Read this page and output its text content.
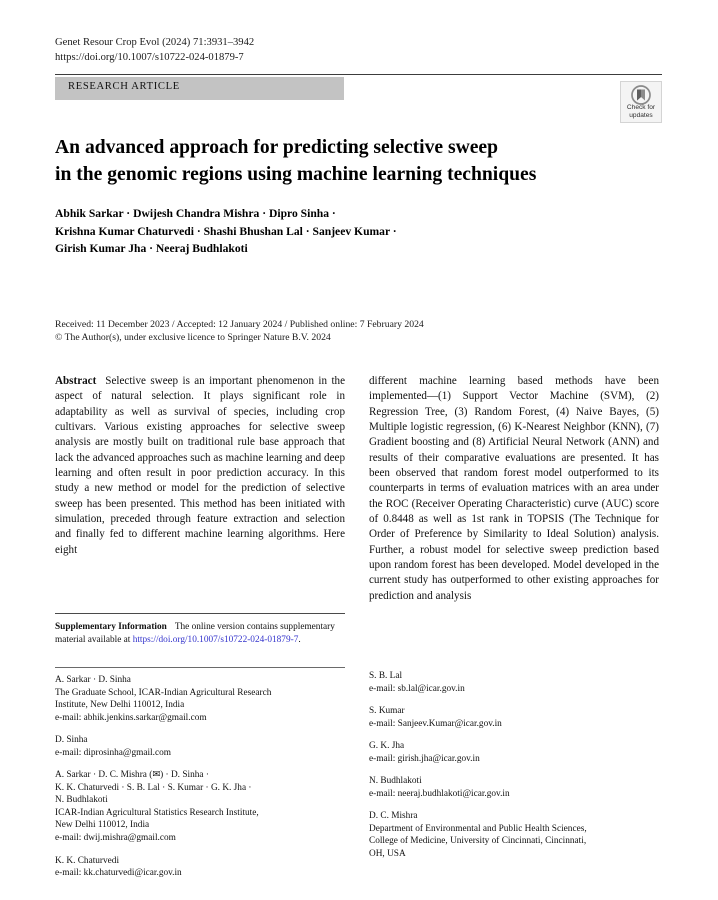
Genet Resour Crop Evol (2024) 71:3931–3942
https://doi.org/10.1007/s10722-024-01879-7
RESEARCH ARTICLE
Check for
updates
An advanced approach for predicting selective sweep
in the genomic regions using machine learning techniques
Abhik Sarkar · Dwijesh Chandra Mishra · Dipro Sinha ·
Krishna Kumar Chaturvedi · Shashi Bhushan Lal · Sanjeev Kumar ·
Girish Kumar Jha · Neeraj Budhlakoti
Received: 11 December 2023 / Accepted: 12 January 2024 / Published online: 7 February 2024
© The Author(s), under exclusive licence to Springer Nature B.V. 2024

Abstract Selective sweep is an important phenomenon in the aspect of natural selection. It plays significant role in adaptability as well as survival of species, including crop cultivars. Various existing approaches for selective sweep analysis are mostly built on traditional rule base approach that lack the advanced approaches such as machine learning and deep learning and often result in poor prediction accuracy. In this study a new method or model for the prediction of selective sweep has been presented. This method has been initiated with simulation, preceded through feature extraction and selection and finally fed to different machine learning algorithms. Here eight

different machine learning based methods have been implemented—(1) Support Vector Machine (SVM), (2) Regression Tree, (3) Random Forest, (4) Naive Bayes, (5) Multiple logistic regression, (6) K-Nearest Neighbor (KNN), (7) Gradient boosting and (8) Artificial Neural Network (ANN) and results of their comparative evaluations are presented. It has been observed that random forest model outperformed to its counterparts in terms of evaluation matrices with an area under the ROC (Receiver Operating Characteristic) curve (AUC) score of 0.8448 as well as 1st rank in TOPSIS (The Technique for Order of Preference by Similarity to Ideal Solution) analysis. Further, a robust model for selective sweep prediction based upon random forest has been developed. Model developed in the current study has outperformed to other existing approaches for prediction and analysis

Supplementary Information The online version contains supplementary material available at https://doi.org/10.1007/s10722-024-01879-7.
A. Sarkar · D. Sinha
The Graduate School, ICAR-Indian Agricultural Research
Institute, New Delhi 110012, India
e-mail: abhik.jenkins.sarkar@gmail.com
D. Sinha
e-mail: diprosinha@gmail.com
A. Sarkar · D. C. Mishra (✉) · D. Sinha ·
K. K. Chaturvedi · S. B. Lal · S. Kumar · G. K. Jha ·
N. Budhlakoti
ICAR-Indian Agricultural Statistics Research Institute,
New Delhi 110012, India
e-mail: dwij.mishra@gmail.com
K. K. Chaturvedi
e-mail: kk.chaturvedi@icar.gov.in
S. B. Lal
e-mail: sb.lal@icar.gov.in
S. Kumar
e-mail: Sanjeev.Kumar@icar.gov.in
G. K. Jha
e-mail: girish.jha@icar.gov.in
N. Budhlakoti
e-mail: neeraj.budhlakoti@icar.gov.in
D. C. Mishra
Department of Environmental and Public Health Sciences,
College of Medicine, University of Cincinnati, Cincinnati,
OH, USA
